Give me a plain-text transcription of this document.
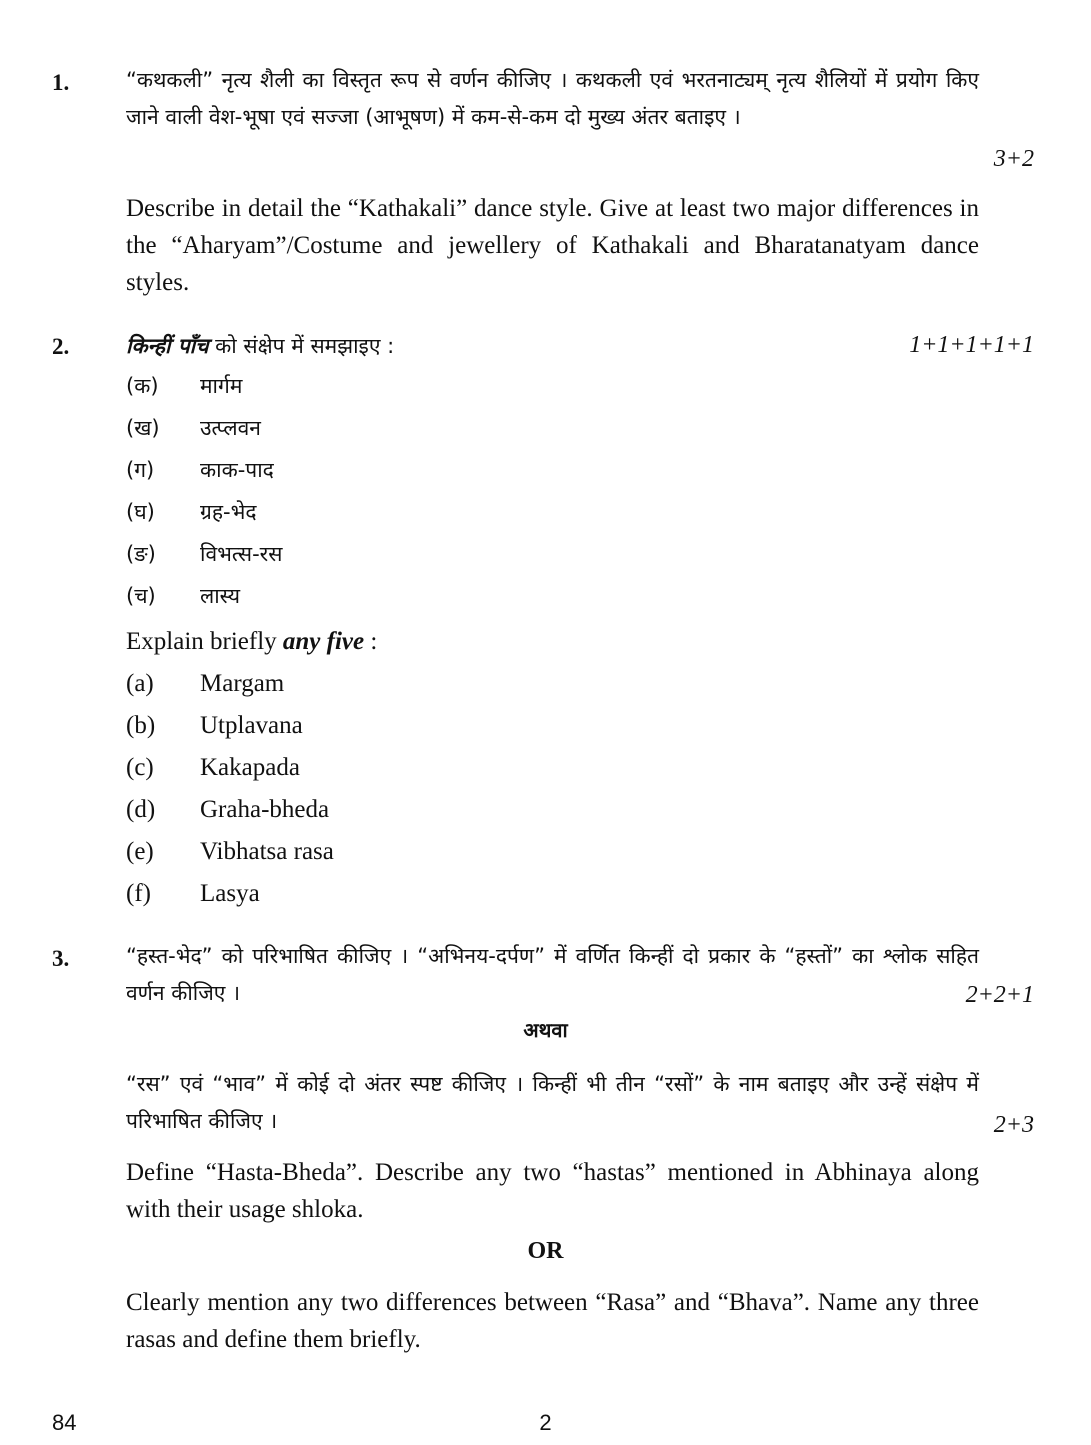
1.	“कथकली” नृत्य शैली का विस्तृत रूप से वर्णन कीजिए । कथकली एवं भरतनाट्यम् नृत्य शैलियों में प्रयोग किए जाने वाली वेश-भूषा एवं सज्जा (आभूषण) में कम-से-कम दो मुख्य अंतर बताइए ।

3+2

Describe in detail the “Kathakali” dance style. Give at least two major differences in the “Aharyam”/Costume and jewellery of Kathakali and Bharatanatyam dance styles.

2.	किन्हीं पाँच को संक्षेप में समझाइए :	1+1+1+1+1
(क) मार्गम
(ख) उत्प्लवन
(ग) काक-पाद
(घ) ग्रह-भेद
(ङ) विभत्स-रस
(च) लास्य
Explain briefly any five :
(a) Margam
(b) Utplavana
(c) Kakapada
(d) Graha-bheda
(e) Vibhatsa rasa
(f) Lasya
3.	“हस्त-भेद” को परिभाषित कीजिए । “अभिनय-दर्पण” में वर्णित किन्हीं दो प्रकार के “हस्तों” का श्लोक सहित वर्णन कीजिए ।	2+2+1
अथवा

“रस” एवं “भाव” में कोई दो अंतर स्पष्ट कीजिए । किन्हीं भी तीन “रसों” के नाम बताइए और उन्हें संक्षेप में परिभाषित कीजिए ।	2+3

Define “Hasta-Bheda”. Describe any two “hastas” mentioned in Abhinaya along with their usage shloka.

OR

Clearly mention any two differences between “Rasa” and “Bhava”. Name any three rasas and define them briefly.

84	2
